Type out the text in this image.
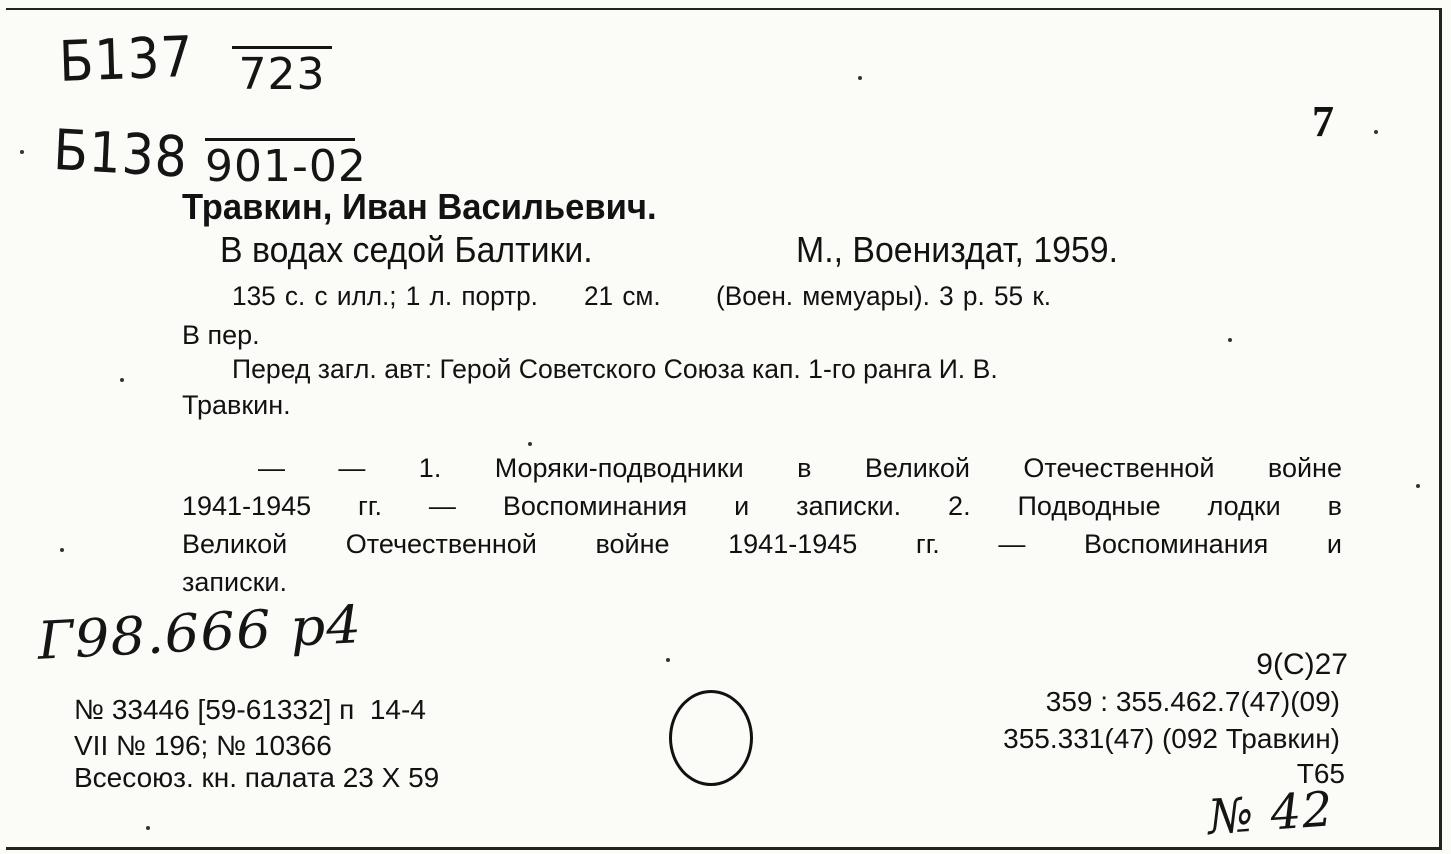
Б137 723
Б138 901-02
7
Травкин, Иван Васильевич.
В водах седой Балтики.	М., Воениздат, 1959.
135 с. с илл.; 1 л. портр.     21 см.      (Воен. мемуары). 3 р. 55 к.
В пер.
Перед загл. авт: Герой Советского Союза кап. 1-го ранга И. В.
Травкин.
— — 1. Моряки-подводники в Великой Отечественной войне
1941-1945 гг. — Воспоминания и записки. 2. Подводные лодки в
Великой Отечественной войне 1941-1945 гг. — Воспоминания и
записки.
Г98.666 р4
№ 33446 [59-61332] п  14-4
VII № 196; № 10366
Всесоюз. кн. палата 23 X 59
9(С)27
359 : 355.462.7(47)(09)
355.331(47) (092 Травкин)
Т65
№ 42
